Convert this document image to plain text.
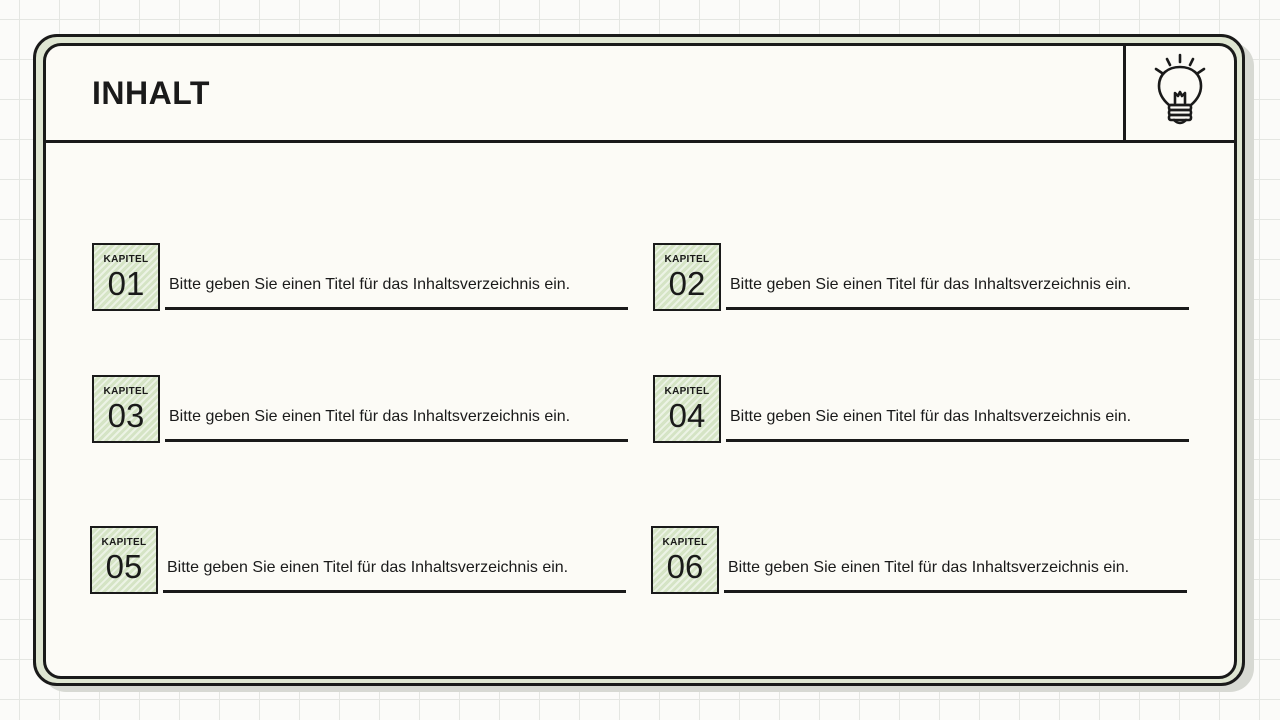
INHALT
KAPITEL
01	Bitte geben Sie einen Titel für das Inhaltsverzeichnis ein.
KAPITEL
02	Bitte geben Sie einen Titel für das Inhaltsverzeichnis ein.
KAPITEL
03	Bitte geben Sie einen Titel für das Inhaltsverzeichnis ein.
KAPITEL
04	Bitte geben Sie einen Titel für das Inhaltsverzeichnis ein.
KAPITEL
05	Bitte geben Sie einen Titel für das Inhaltsverzeichnis ein.
KAPITEL
06	Bitte geben Sie einen Titel für das Inhaltsverzeichnis ein.
